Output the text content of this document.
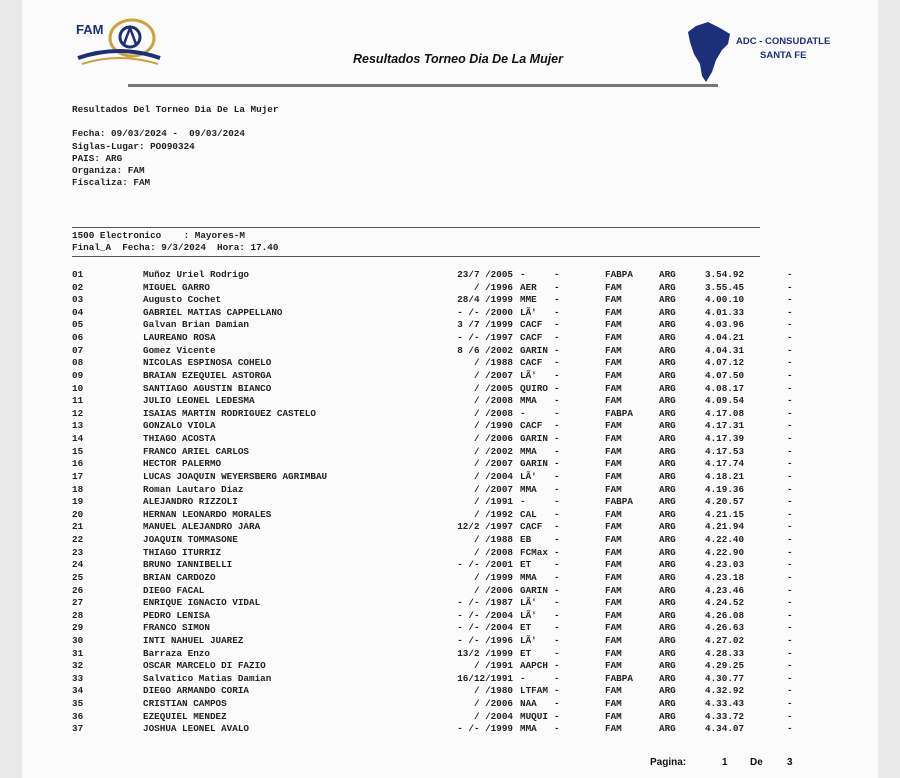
FAM
Resultados Torneo Dia De La Mujer
ADC - CONSUDATLE
SANTA FE
Resultados Del Torneo Dia De La Mujer
Fecha: 09/03/2024 -  09/03/2024
Siglas-Lugar: PO090324
PAIS: ARG
Organiza: FAM
Fiscaliza: FAM
1500 Electronico    : Mayores-M
Final_A  Fecha: 9/3/2024  Hora: 17.40
01	Muñoz Uriel Rodrigo	23/7 /2005 -	-	FABPA	ARG	3.54.92	-
02	MIGUEL GARRO	/ /1996 AER -	FAM	ARG	3.55.45	-
03	Augusto Cochet	28/4 /1999 MME -	FAM	ARG	4.00.10	-
04	GABRIEL MATIAS CAPPELLANO	- /- /2000 LÃ' -	FAM	ARG	4.01.33	-
05	Galvan Brian Damian	3 /7 /1999 CACF -	FAM	ARG	4.03.96	-
06	LAUREANO ROSA	- /- /1997 CACF -	FAM	ARG	4.04.21	-
07	Gomez Vicente	8 /6 /2002 GARIN -	FAM	ARG	4.04.31	-
08	NICOLAS ESPINOSA COHELO	/ /1988 CACF -	FAM	ARG	4.07.12	-
09	BRAIAN EZEQUIEL ASTORGA	/ /2007 LÃ' -	FAM	ARG	4.07.50	-
10	SANTIAGO AGUSTIN BIANCO	/ /2005 QUIRO -	FAM	ARG	4.08.17	-
11	JULIO LEONEL LEDESMA	/ /2008 MMA -	FAM	ARG	4.09.54	-
12	ISAIAS MARTIN RODRIGUEZ CASTELO	/ /2008 -	-	FABPA	ARG	4.17.08	-
13	GONZALO VIOLA	/ /1990 CACF -	FAM	ARG	4.17.31	-
14	THIAGO ACOSTA	/ /2006 GARIN -	FAM	ARG	4.17.39	-
15	FRANCO ARIEL CARLOS	/ /2002 MMA -	FAM	ARG	4.17.53	-
16	HECTOR PALERMO	/ /2007 GARIN -	FAM	ARG	4.17.74	-
17	LUCAS JOAQUIN WEYERSBERG AGRIMBAU	/ /2004 LÃ' -	FAM	ARG	4.18.21	-
18	Roman Lautaro Diaz	/ /2007 MMA -	FAM	ARG	4.19.36	-
19	ALEJANDRO RIZZOLI	/ /1991 -	-	FABPA	ARG	4.20.57	-
20	HERNAN LEONARDO MORALES	/ /1992 CAL -	FAM	ARG	4.21.15	-
21	MANUEL ALEJANDRO JARA	12/2 /1997 CACF -	FAM	ARG	4.21.94	-
22	JOAQUIN TOMMASONE	/ /1988 EB -	FAM	ARG	4.22.40	-
23	THIAGO ITURRIZ	/ /2008 FCMax -	FAM	ARG	4.22.90	-
24	BRUNO IANNIBELLI	- /- /2001 ET -	FAM	ARG	4.23.03	-
25	BRIAN CARDOZO	/ /1999 MMA -	FAM	ARG	4.23.18	-
26	DIEGO FACAL	/ /2006 GARIN -	FAM	ARG	4.23.46	-
27	ENRIQUE IGNACIO VIDAL	- /- /1987 LÃ' -	FAM	ARG	4.24.52	-
28	PEDRO LENISA	- /- /2004 LÃ' -	FAM	ARG	4.26.08	-
29	FRANCO SIMON	- /- /2004 ET -	FAM	ARG	4.26.63	-
30	INTI NAHUEL JUAREZ	- /- /1996 LÃ' -	FAM	ARG	4.27.02	-
31	Barraza Enzo	13/2 /1999 ET -	FAM	ARG	4.28.33	-
32	OSCAR MARCELO DI FAZIO	/ /1991 AAPCH -	FAM	ARG	4.29.25	-
33	Salvatico Matias Damian	16/12/1991 -	-	FABPA	ARG	4.30.77	-
34	DIEGO ARMANDO CORIA	/ /1980 LTFAM -	FAM	ARG	4.32.92	-
35	CRISTIAN CAMPOS	/ /2006 NAA -	FAM	ARG	4.33.43	-
36	EZEQUIEL MENDEZ	/ /2004 MUQUI -	FAM	ARG	4.33.72	-
37	JOSHUA LEONEL AVALO	- /- /1999 MMA -	FAM	ARG	4.34.07	-
Pagina:	1 De 3
